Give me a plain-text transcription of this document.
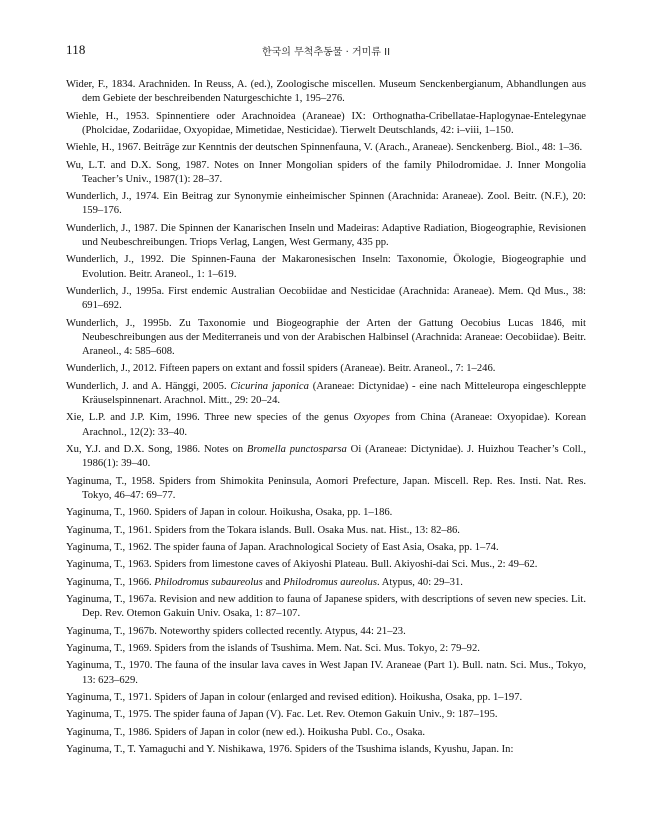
118	한국의 무척추동물 · 거미류 II
Wider, F., 1834. Arachniden. In Reuss, A. (ed.), Zoologische miscellen. Museum Senckenbergianum, Abhandlungen aus dem Gebiete der beschreibenden Naturgeschichte 1, 195–276.
Wiehle, H., 1953. Spinnentiere oder Arachnoidea (Araneae) IX: Orthognatha-Cribellatae-Haplogynae-Entelegynae (Pholcidae, Zodariidae, Oxyopidae, Mimetidae, Nesticidae). Tierwelt Deutschlands, 42: i–viii, 1–150.
Wiehle, H., 1967. Beiträge zur Kenntnis der deutschen Spinnenfauna, V. (Arach., Araneae). Senckenberg. Biol., 48: 1–36.
Wu, L.T. and D.X. Song, 1987. Notes on Inner Mongolian spiders of the family Philodromidae. J. Inner Mongolia Teacher’s Univ., 1987(1): 28–37.
Wunderlich, J., 1974. Ein Beitrag zur Synonymie einheimischer Spinnen (Arachnida: Araneae). Zool. Beitr. (N.F.), 20: 159–176.
Wunderlich, J., 1987. Die Spinnen der Kanarischen Inseln und Madeiras: Adaptive Radiation, Biogeographie, Revisionen und Neubeschreibungen. Triops Verlag, Langen, West Germany, 435 pp.
Wunderlich, J., 1992. Die Spinnen-Fauna der Makaronesischen Inseln: Taxonomie, Ökologie, Biogeographie und Evolution. Beitr. Araneol., 1: 1–619.
Wunderlich, J., 1995a. First endemic Australian Oecobiidae and Nesticidae (Arachnida: Araneae). Mem. Qd Mus., 38: 691–692.
Wunderlich, J., 1995b. Zu Taxonomie und Biogeographie der Arten der Gattung Oecobius Lucas 1846, mit Neubeschreibungen aus der Mediterraneis und von der Arabischen Halbinsel (Arachnida: Araneae: Oecobiidae). Beitr. Araneol., 4: 585–608.
Wunderlich, J., 2012. Fifteen papers on extant and fossil spiders (Araneae). Beitr. Araneol., 7: 1–246.
Wunderlich, J. and A. Hänggi, 2005. Cicurina japonica (Araneae: Dictynidae) - eine nach Mitteleuropa eingeschleppte Kräuselspinnenart. Arachnol. Mitt., 29: 20–24.
Xie, L.P. and J.P. Kim, 1996. Three new species of the genus Oxyopes from China (Araneae: Oxyopidae). Korean Arachnol., 12(2): 33–40.
Xu, Y.J. and D.X. Song, 1986. Notes on Bromella punctosparsa Oi (Araneae: Dictynidae). J. Huizhou Teacher’s Coll., 1986(1): 39–40.
Yaginuma, T., 1958. Spiders from Shimokita Peninsula, Aomori Prefecture, Japan. Miscell. Rep. Res. Insti. Nat. Res. Tokyo, 46–47: 69–77.
Yaginuma, T., 1960. Spiders of Japan in colour. Hoikusha, Osaka, pp. 1–186.
Yaginuma, T., 1961. Spiders from the Tokara islands. Bull. Osaka Mus. nat. Hist., 13: 82–86.
Yaginuma, T., 1962. The spider fauna of Japan. Arachnological Society of East Asia, Osaka, pp. 1–74.
Yaginuma, T., 1963. Spiders from limestone caves of Akiyoshi Plateau. Bull. Akiyoshi-dai Sci. Mus., 2: 49–62.
Yaginuma, T., 1966. Philodromus subaureolus and Philodromus aureolus. Atypus, 40: 29–31.
Yaginuma, T., 1967a. Revision and new addition to fauna of Japanese spiders, with descriptions of seven new species. Lit. Dep. Rev. Otemon Gakuin Univ. Osaka, 1: 87–107.
Yaginuma, T., 1967b. Noteworthy spiders collected recently. Atypus, 44: 21–23.
Yaginuma, T., 1969. Spiders from the islands of Tsushima. Mem. Nat. Sci. Mus. Tokyo, 2: 79–92.
Yaginuma, T., 1970. The fauna of the insular lava caves in West Japan IV. Araneae (Part 1). Bull. natn. Sci. Mus., Tokyo, 13: 623–629.
Yaginuma, T., 1971. Spiders of Japan in colour (enlarged and revised edition). Hoikusha, Osaka, pp. 1–197.
Yaginuma, T., 1975. The spider fauna of Japan (V). Fac. Let. Rev. Otemon Gakuin Univ., 9: 187–195.
Yaginuma, T., 1986. Spiders of Japan in color (new ed.). Hoikusha Publ. Co., Osaka.
Yaginuma, T., T. Yamaguchi and Y. Nishikawa, 1976. Spiders of the Tsushima islands, Kyushu, Japan. In:
